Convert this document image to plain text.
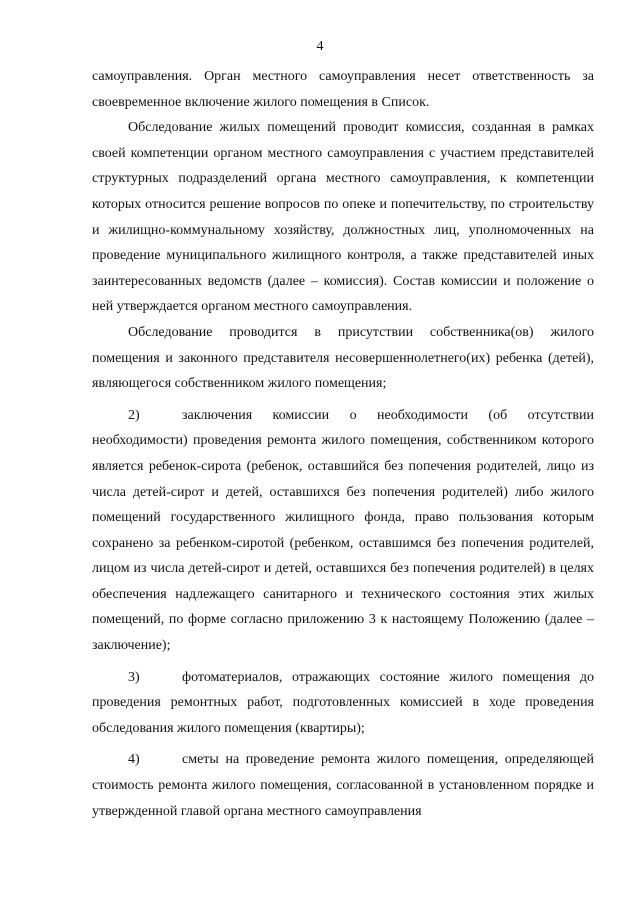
4

самоуправления. Орган местного самоуправления несет ответственность за своевременное включение жилого помещения в Список.

Обследование жилых помещений проводит комиссия, созданная в рамках своей компетенции органом местного самоуправления с участием представителей структурных подразделений органа местного самоуправления, к компетенции которых относится решение вопросов по опеке и попечительству, по строительству и жилищно-коммунальному хозяйству, должностных лиц, уполномоченных на проведение муниципального жилищного контроля, а также представителей иных заинтересованных ведомств (далее – комиссия). Состав комиссии и положение о ней утверждается органом местного самоуправления.

Обследование проводится в присутствии собственника(ов) жилого помещения и законного представителя несовершеннолетнего(их) ребенка (детей), являющегося собственником жилого помещения;

2)	заключения комиссии о необходимости (об отсутствии необходимости) проведения ремонта жилого помещения, собственником которого является ребенок-сирота (ребенок, оставшийся без попечения родителей, лицо из числа детей-сирот и детей, оставшихся без попечения родителей) либо жилого помещений государственного жилищного фонда, право пользования которым сохранено за ребенком-сиротой (ребенком, оставшимся без попечения родителей, лицом из числа детей-сирот и детей, оставшихся без попечения родителей) в целях обеспечения надлежащего санитарного и технического состояния этих жилых помещений, по форме согласно приложению 3 к настоящему Положению (далее – заключение);

3)	фотоматериалов, отражающих состояние жилого помещения до проведения ремонтных работ, подготовленных комиссией в ходе проведения обследования жилого помещения (квартиры);

4)	сметы на проведение ремонта жилого помещения, определяющей стоимость ремонта жилого помещения, согласованной в установленном порядке и утвержденной главой органа местного самоуправления
